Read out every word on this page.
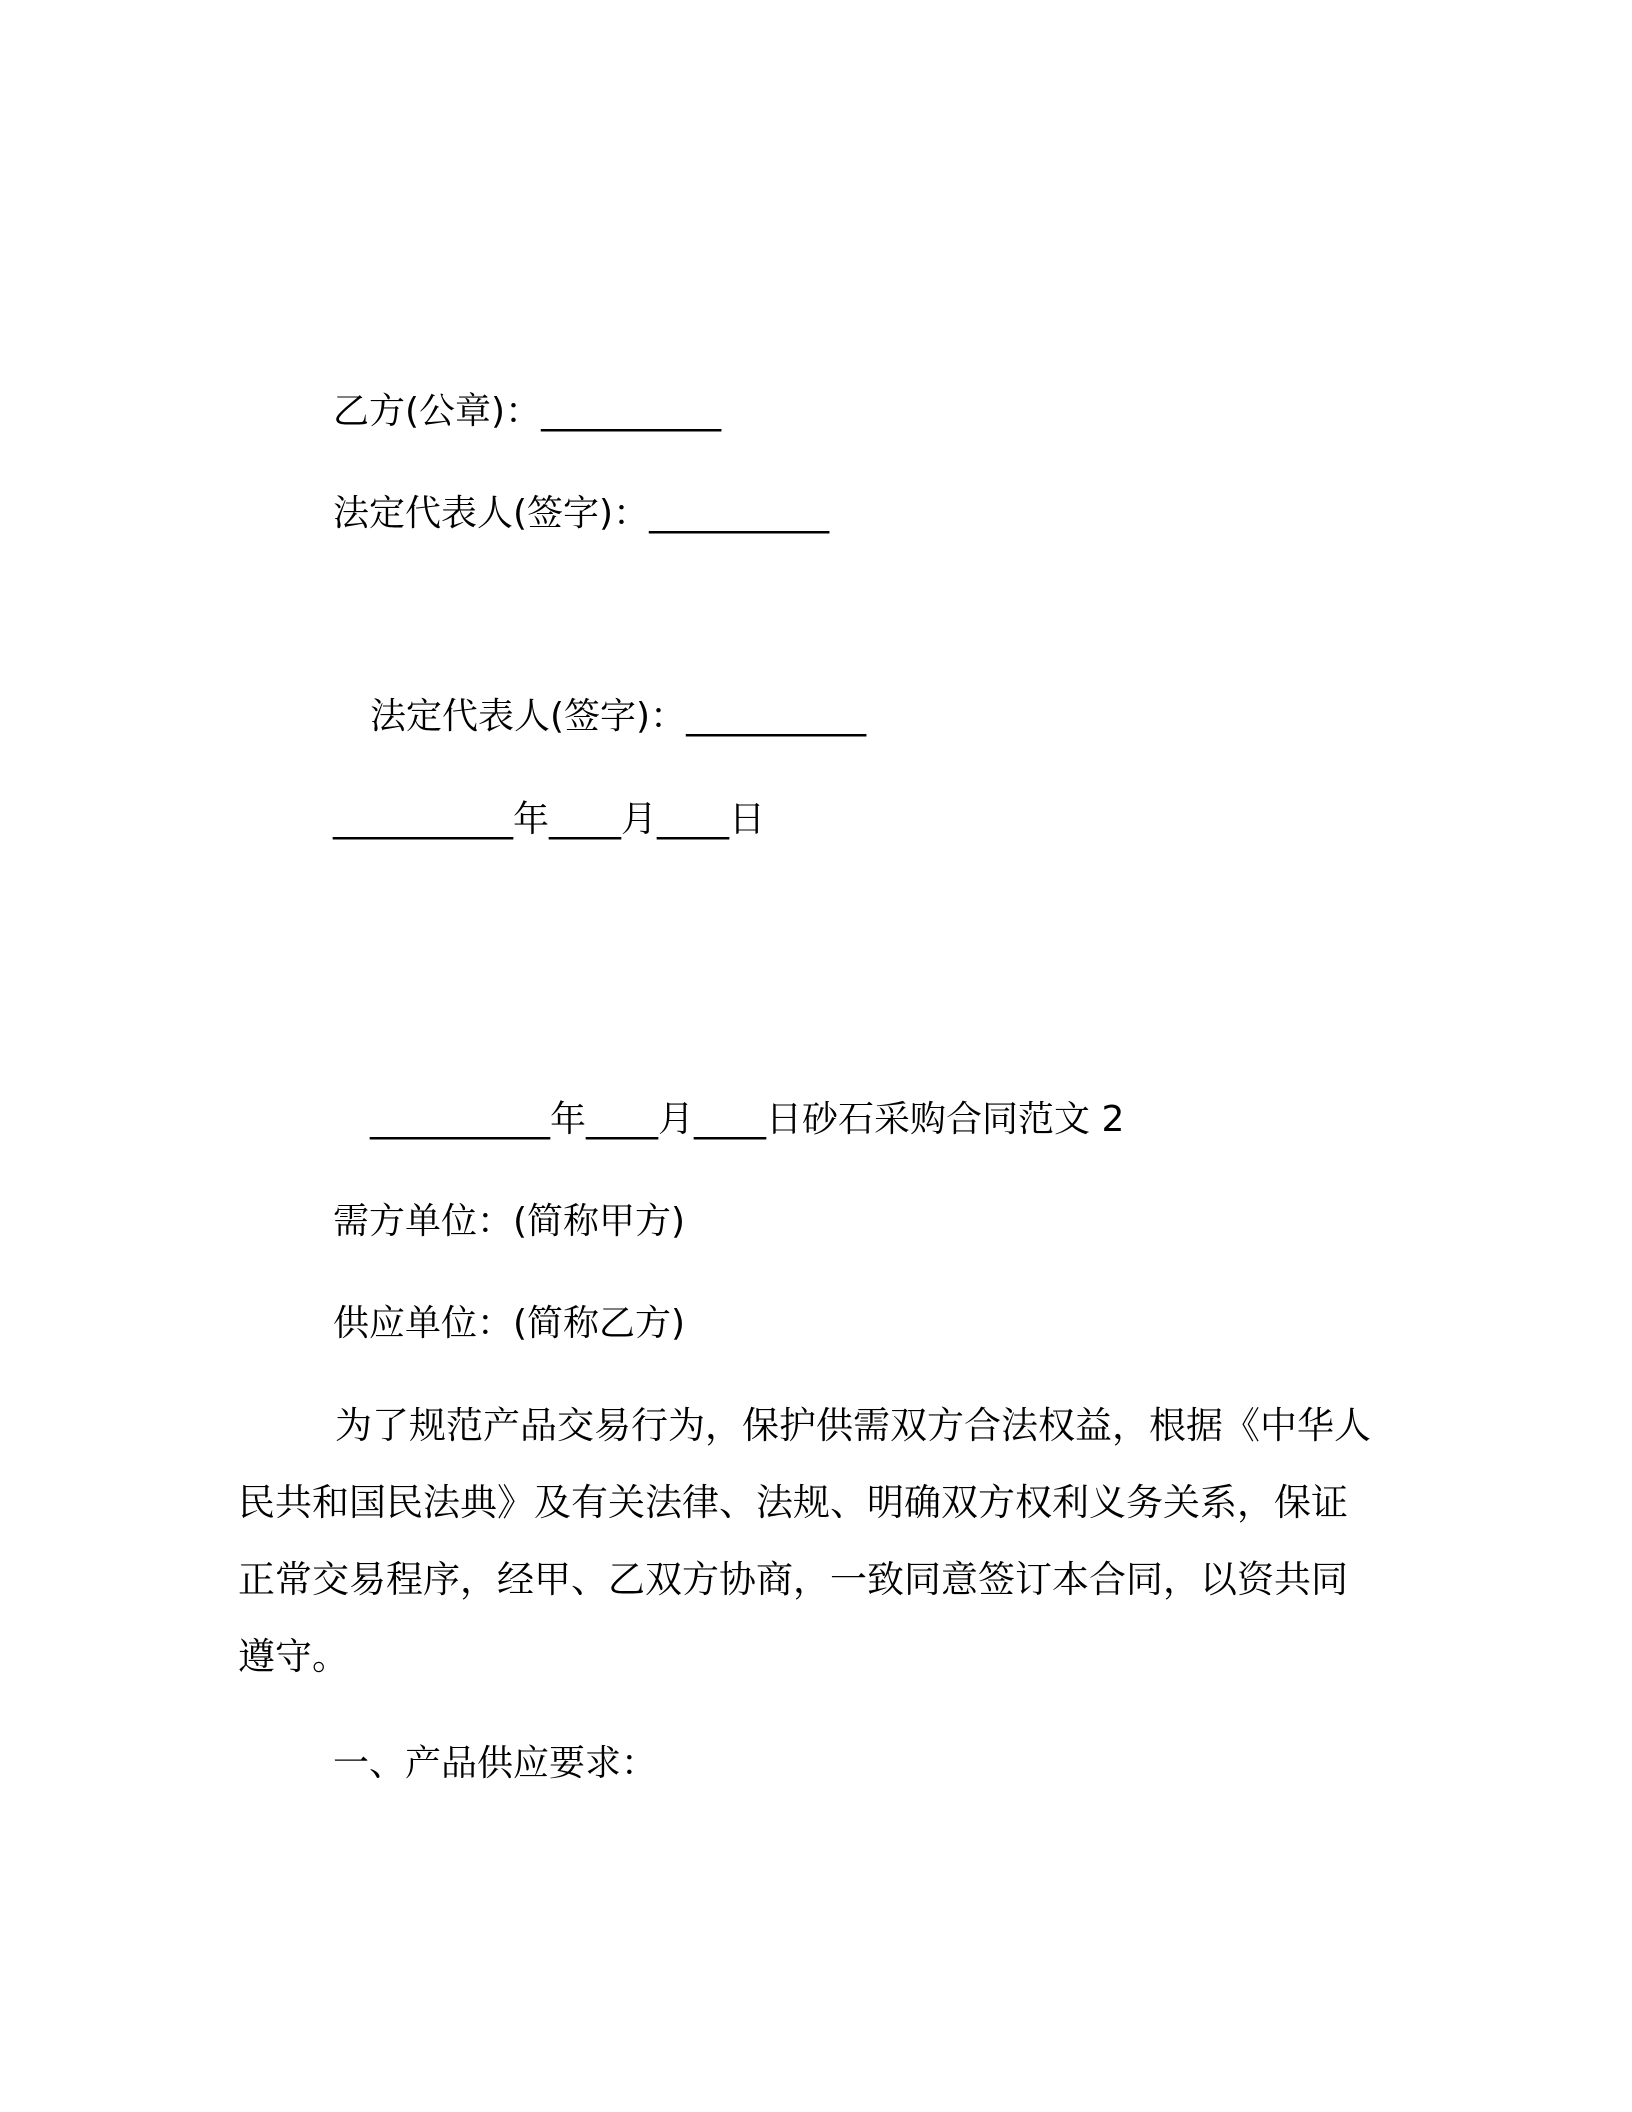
乙方(公章)：__________
法定代表人(签字)：__________
法定代表人(签字)：__________
__________年____月____日
__________年____月____日砂石采购合同范文 2
需方单位：(简称甲方)
供应单位：(简称乙方)
为了规范产品交易行为，保护供需双方合法权益，根据《中华人
民共和国民法典》及有关法律、法规、明确双方权利义务关系，保证
正常交易程序，经甲、乙双方协商，一致同意签订本合同，以资共同
遵守。
一、产品供应要求：
